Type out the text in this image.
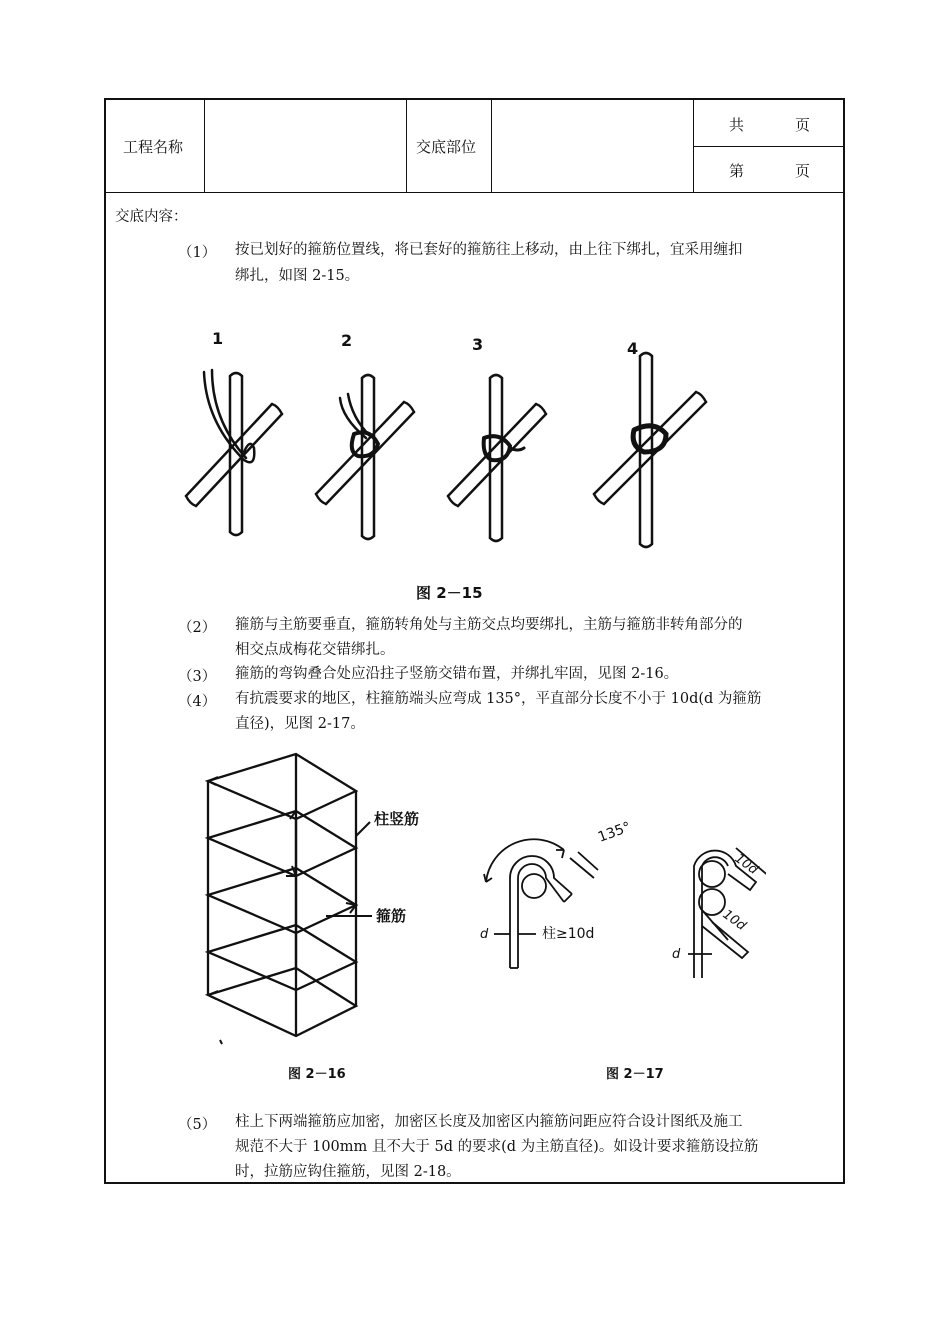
工程名称	交底部位
共	页
第	页
交底内容：
（1） 按已划好的箍筋位置线，将已套好的箍筋往上移动，由上往下绑扎，宜采用缠扣
绑扎，如图 2-15。
1	2	3	4
图 2－15
（2） 箍筋与主筋要垂直，箍筋转角处与主筋交点均要绑扎，主筋与箍筋非转角部分的
相交点成梅花交错绑扎。
（3） 箍筋的弯钩叠合处应沿拄子竖筋交错布置，并绑扎牢固，见图 2-16。
（4） 有抗震要求的地区，柱箍筋端头应弯成 135°，平直部分长度不小于 10d(d 为箍筋
直径)，见图 2-17。
柱竖筋
箍筋
图 2－16
135°
d	柱≥10d
10d
10d
d
图 2－17
（5） 柱上下两端箍筋应加密，加密区长度及加密区内箍筋问距应符合设计图纸及施工
规范不大于 100mm 且不大于 5d 的要求(d 为主筋直径)。如设计要求箍筋设拉筋
时，拉筋应钩住箍筋，见图 2-18。
